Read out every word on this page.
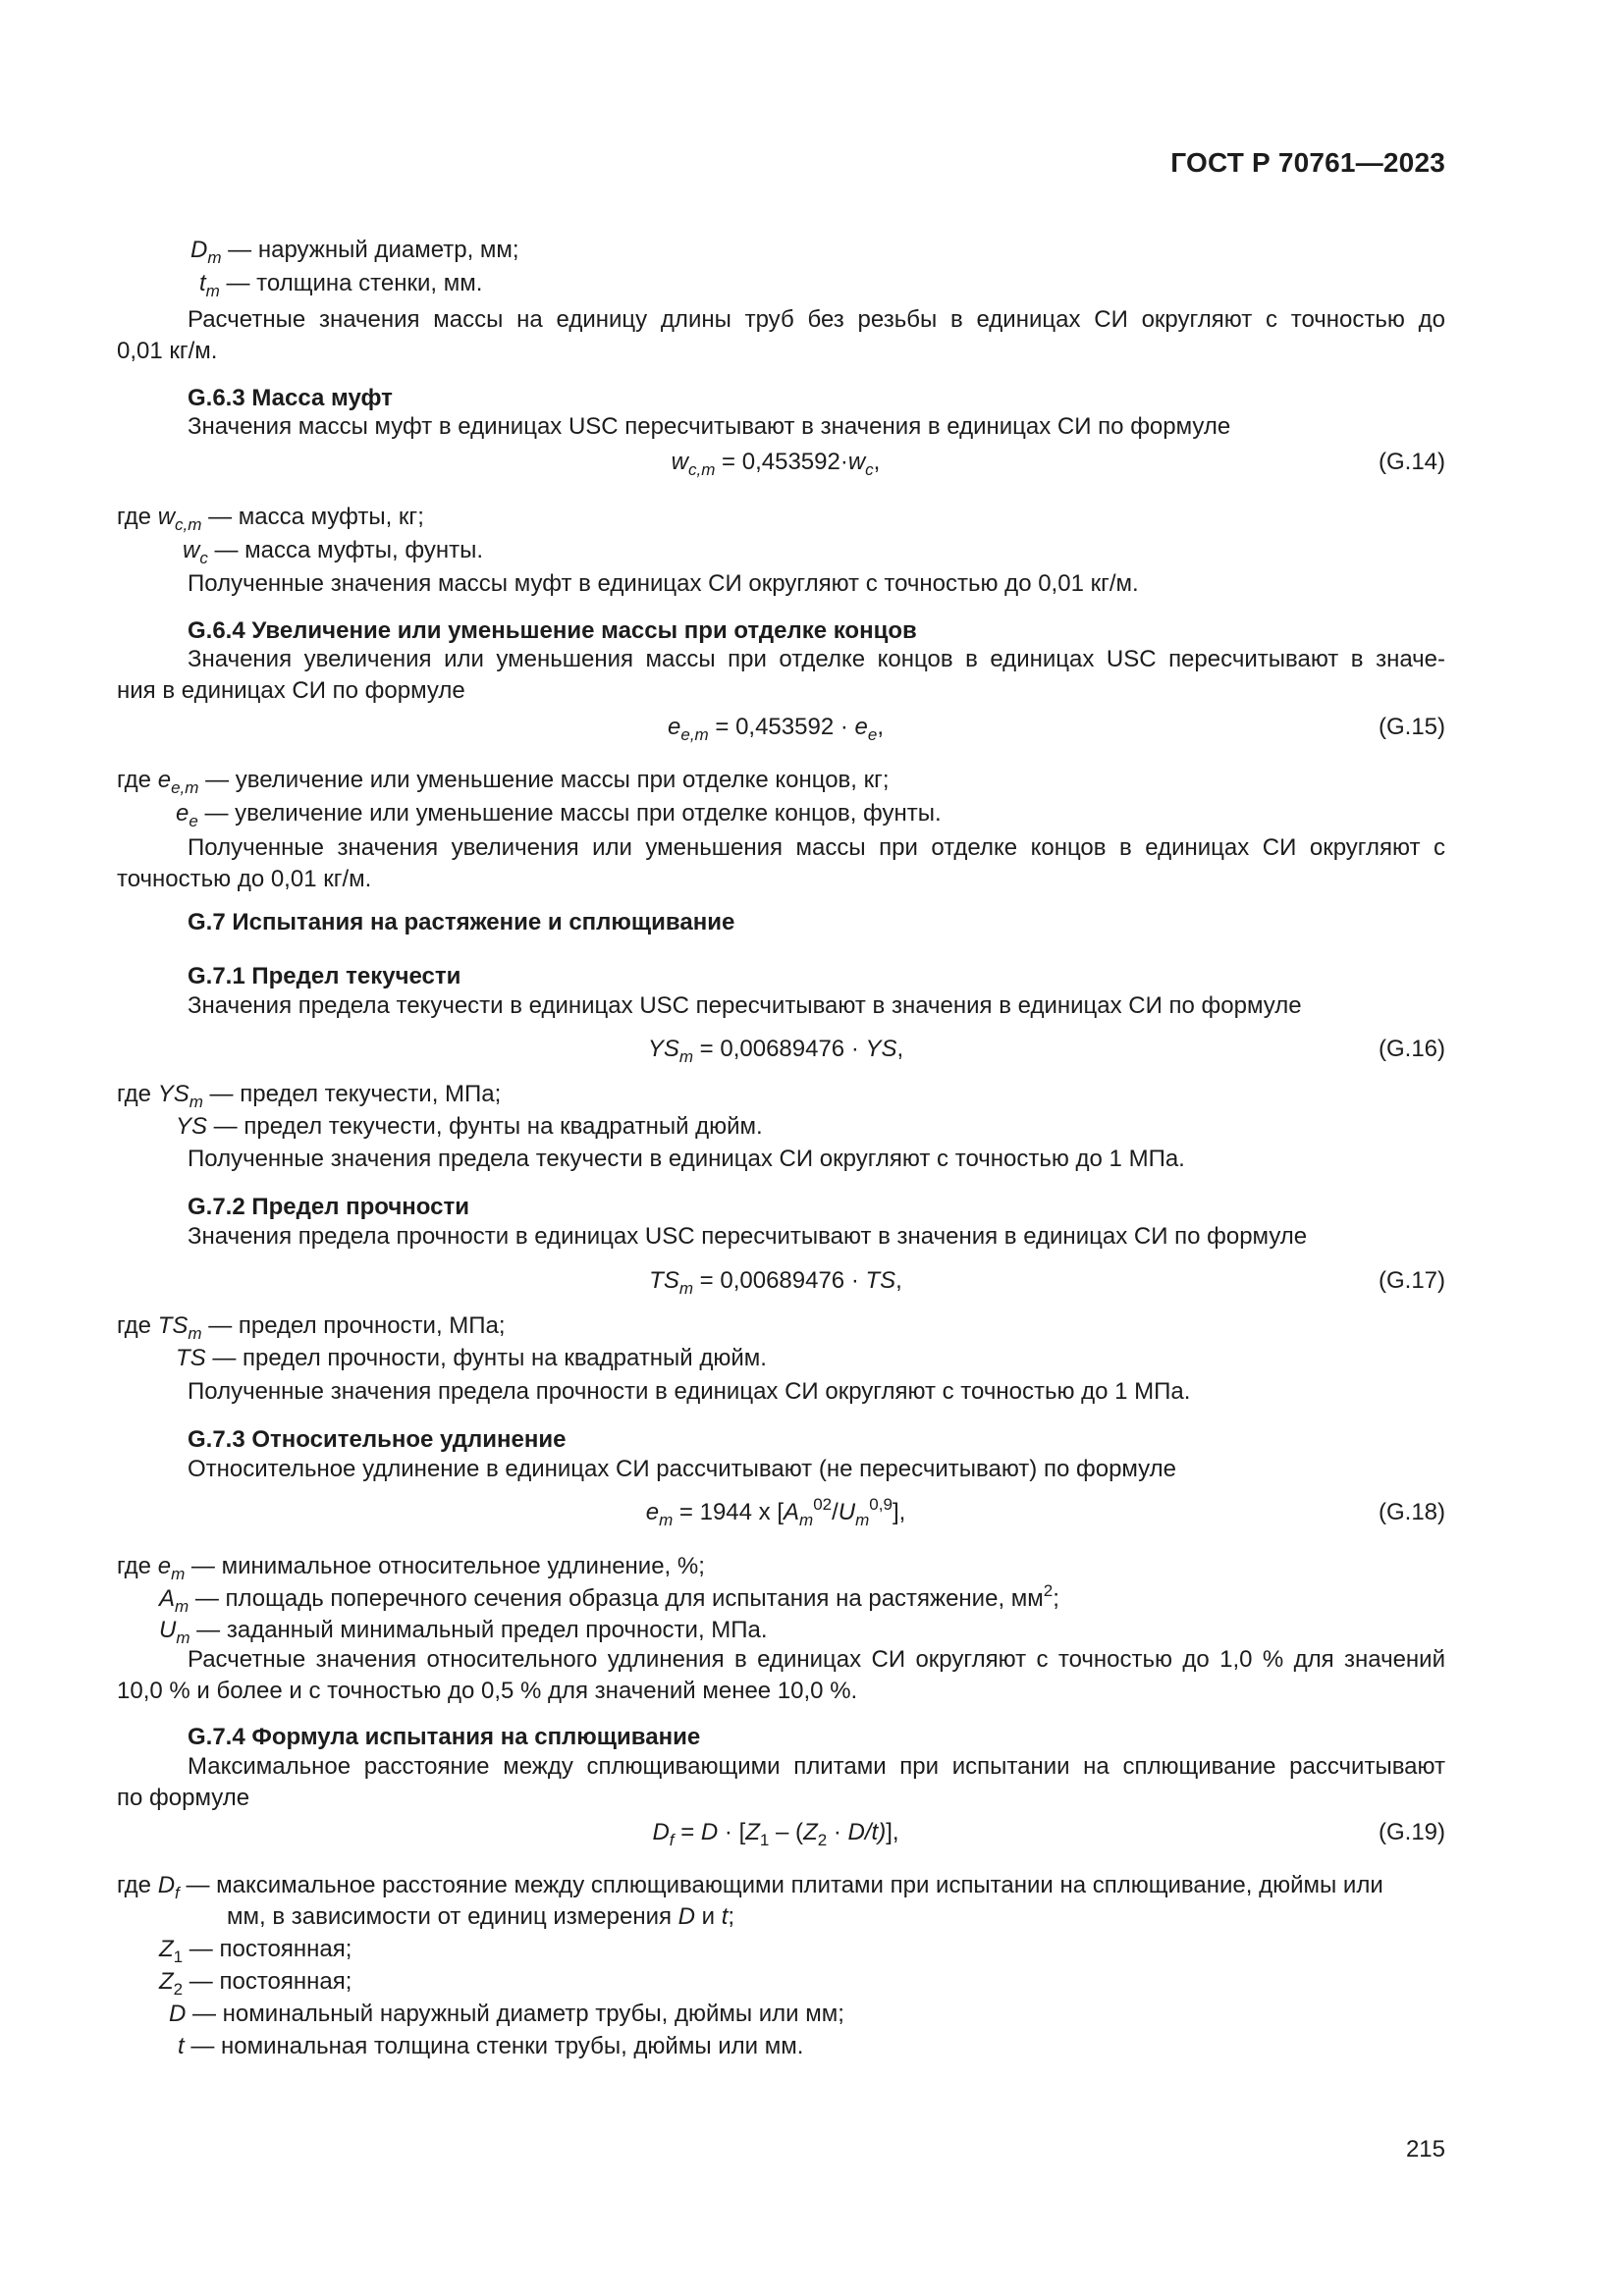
ГОСТ Р 70761—2023
$D_m$ — наружный диаметр, мм;
$t_m$ — толщина стенки, мм.
Расчетные значения массы на единицу длины труб без резьбы в единицах СИ округляют с точностью до
0,01 кг/м.
G.6.3 Масса муфт
Значения массы муфт в единицах USC пересчитывают в значения в единицах СИ по формуле
$w_{c,m} = 0,453592\cdot w_c$,	(G.14)
где $w_{c,m}$ — масса муфты, кг;
$w_c$ — масса муфты, фунты.
Полученные значения массы муфт в единицах СИ округляют с точностью до 0,01 кг/м.
G.6.4 Увеличение или уменьшение массы при отделке концов
Значения увеличения или уменьшения массы при отделке концов в единицах USC пересчитывают в значе-
ния в единицах СИ по формуле
$e_{e,m} = 0,453592 \cdot e_e$,	(G.15)
где $e_{e,m}$ — увеличение или уменьшение массы при отделке концов, кг;
$e_e$ — увеличение или уменьшение массы при отделке концов, фунты.
Полученные значения увеличения или уменьшения массы при отделке концов в единицах СИ округляют с
точностью до 0,01 кг/м.
G.7 Испытания на растяжение и сплющивание
G.7.1 Предел текучести
Значения предела текучести в единицах USC пересчитывают в значения в единицах СИ по формуле
$YS_m = 0,00689476$ · YS,	(G.16)
где $YS_m$ — предел текучести, МПа;
YS — предел текучести, фунты на квадратный дюйм.
Полученные значения предела текучести в единицах СИ округляют с точностью до 1 МПа.
G.7.2 Предел прочности
Значения предела прочности в единицах USC пересчитывают в значения в единицах СИ по формуле
$TS_m = 0,00689476$ · TS,	(G.17)
где $TS_m$ — предел прочности, МПа;
TS — предел прочности, фунты на квадратный дюйм.
Полученные значения предела прочности в единицах СИ округляют с точностью до 1 МПа.
G.7.3 Относительное удлинение
Относительное удлинение в единицах СИ рассчитывают (не пересчитывают) по формуле
$e_m = 1944$ x $[A_m^{02}/U_m^{0,9}]$,	(G.18)
где $e_m$ — минимальное относительное удлинение, %;
$A_m$ — площадь поперечного сечения образца для испытания на растяжение, $мм^2$;
$U_m$ — заданный минимальный предел прочности, МПа.
Расчетные значения относительного удлинения в единицах СИ округляют с точностью до 1,0 % для значений
10,0 % и более и с точностью до 0,5 % для значений менее 10,0 %.
G.7.4 Формула испытания на сплющивание
Максимальное расстояние между сплющивающими плитами при испытании на сплющивание рассчитывают
по формуле
$D_f = D \cdot [Z_1 - (Z_2 \cdot D/t)]$,	(G.19)
где $D_f$ — максимальное расстояние между сплющивающими плитами при испытании на сплющивание, дюймы или
мм, в зависимости от единиц измерения D и t;
$Z_1$ — постоянная;
$Z_2$ — постоянная;
D — номинальный наружный диаметр трубы, дюймы или мм;
t — номинальная толщина стенки трубы, дюймы или мм.
215
